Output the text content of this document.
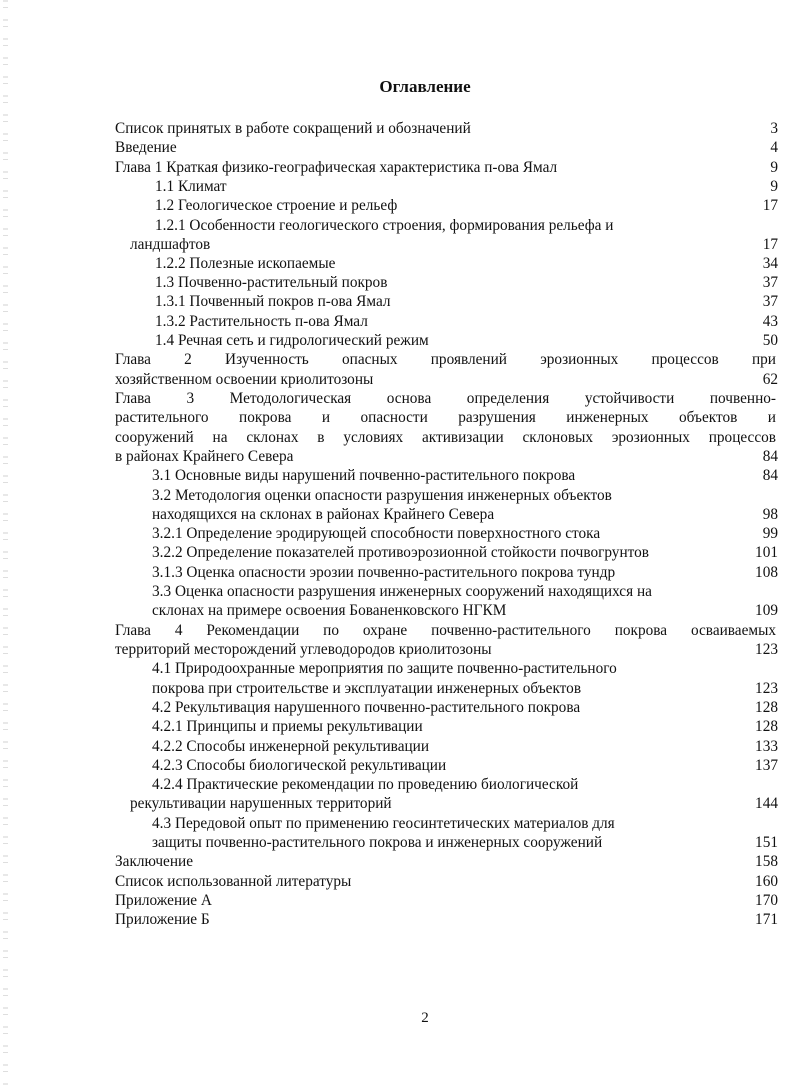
Оглавление
Список принятых в работе сокращений и обозначений	3
Введение	4
Глава 1 Краткая физико-географическая характеристика п-ова Ямал	9
1.1 Климат	9
1.2 Геологическое строение и рельеф	17
1.2.1 Особенности геологического строения, формирования рельефа и
ландшафтов	17
1.2.2 Полезные ископаемые	34
1.3 Почвенно-растительный покров	37
1.3.1 Почвенный покров п-ова Ямал	37
1.3.2 Растительность п-ова Ямал	43
1.4 Речная сеть и гидрологический режим	50
Глава 2 Изученность опасных проявлений эрозионных процессов при
хозяйственном освоении криолитозоны	62
Глава 3 Методологическая основа определения устойчивости почвенно-
растительного покрова и опасности разрушения инженерных объектов и
сооружений на склонах в условиях активизации склоновых эрозионных процессов
в районах Крайнего Севера	84
3.1 Основные виды нарушений почвенно-растительного покрова	84
3.2 Методология оценки опасности разрушения инженерных объектов
находящихся на склонах в районах Крайнего Севера	98
3.2.1 Определение эродирующей способности поверхностного стока	99
3.2.2 Определение показателей противоэрозионной стойкости почвогрунтов	101
3.1.3 Оценка опасности эрозии почвенно-растительного покрова тундр	108
3.3 Оценка опасности разрушения инженерных сооружений находящихся на
склонах на примере освоения Бованенковского НГКМ	109
Глава 4 Рекомендации по охране почвенно-растительного покрова осваиваемых
территорий месторождений углеводородов криолитозоны	123
4.1 Природоохранные мероприятия по защите почвенно-растительного
покрова при строительстве и эксплуатации инженерных объектов	123
4.2 Рекультивация нарушенного почвенно-растительного покрова	128
4.2.1 Принципы и приемы рекультивации	128
4.2.2 Способы инженерной рекультивации	133
4.2.3 Способы биологической рекультивации	137
4.2.4 Практические рекомендации по проведению биологической
рекультивации нарушенных территорий	144
4.3 Передовой опыт по применению геосинтетических материалов для
защиты почвенно-растительного покрова и инженерных сооружений	151
Заключение	158
Список использованной литературы	160
Приложение А	170
Приложение Б	171
2
